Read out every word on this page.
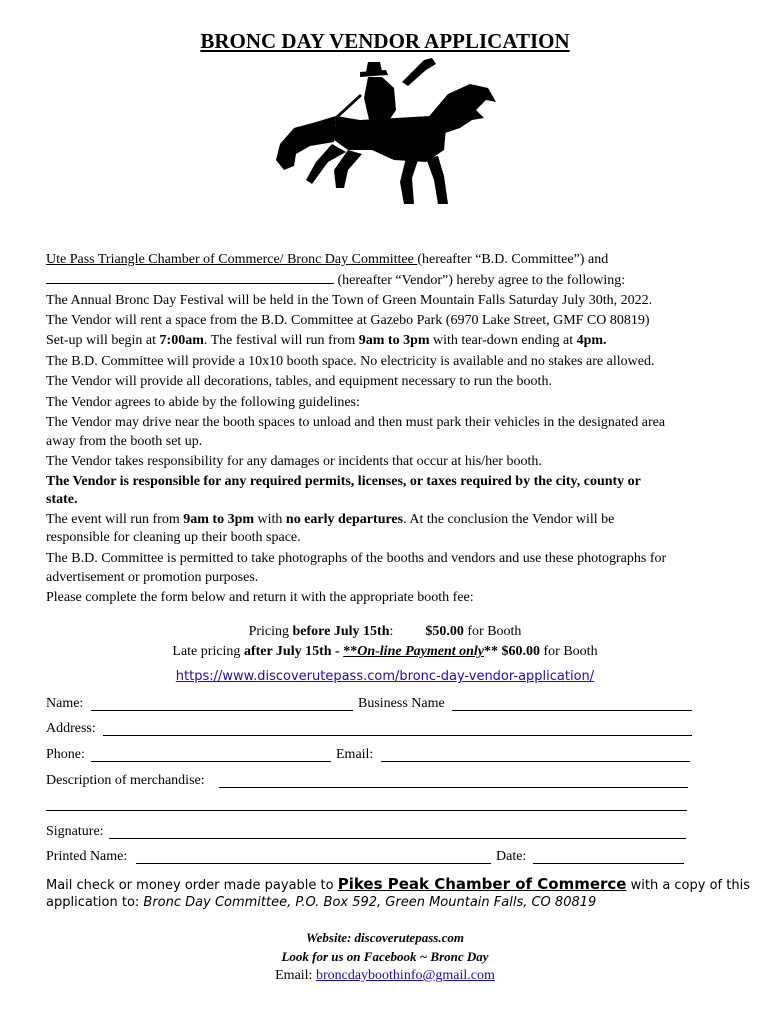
BRONC DAY VENDOR APPLICATION
Ute Pass Triangle Chamber of Commerce/ Bronc Day Committee (hereafter “B.D. Committee”) and
(hereafter “Vendor”) hereby agree to the following:
The Annual Bronc Day Festival will be held in the Town of Green Mountain Falls Saturday July 30th, 2022.
The Vendor will rent a space from the B.D. Committee at Gazebo Park (6970 Lake Street, GMF CO 80819)
Set-up will begin at 7:00am. The festival will run from 9am to 3pm with tear-down ending at 4pm.
The B.D. Committee will provide a 10x10 booth space. No electricity is available and no stakes are allowed.
The Vendor will provide all decorations, tables, and equipment necessary to run the booth.
The Vendor agrees to abide by the following guidelines:
The Vendor may drive near the booth spaces to unload and then must park their vehicles in the designated area
away from the booth set up.
The Vendor takes responsibility for any damages or incidents that occur at his/her booth.
The Vendor is responsible for any required permits, licenses, or taxes required by the city, county or
state.
The event will run from 9am to 3pm with no early departures. At the conclusion the Vendor will be
responsible for cleaning up their booth space.
The B.D. Committee is permitted to take photographs of the booths and vendors and use these photographs for
advertisement or promotion purposes.
Please complete the form below and return it with the appropriate booth fee:
Pricing before July 15th: $50.00 for Booth
Late pricing after July 15th - **On-line Payment only** $60.00 for Booth
https://www.discoverutepass.com/bronc-day-vendor-application/
Name:	Business Name
Address:
Phone:	Email:
Description of merchandise:
Signature:
Printed Name:	Date:
Mail check or money order made payable to Pikes Peak Chamber of Commerce with a copy of this
application to: Bronc Day Committee, P.O. Box 592, Green Mountain Falls, CO 80819
Website: discoverutepass.com
Look for us on Facebook ~ Bronc Day
Email: broncdayboothinfo@gmail.com
